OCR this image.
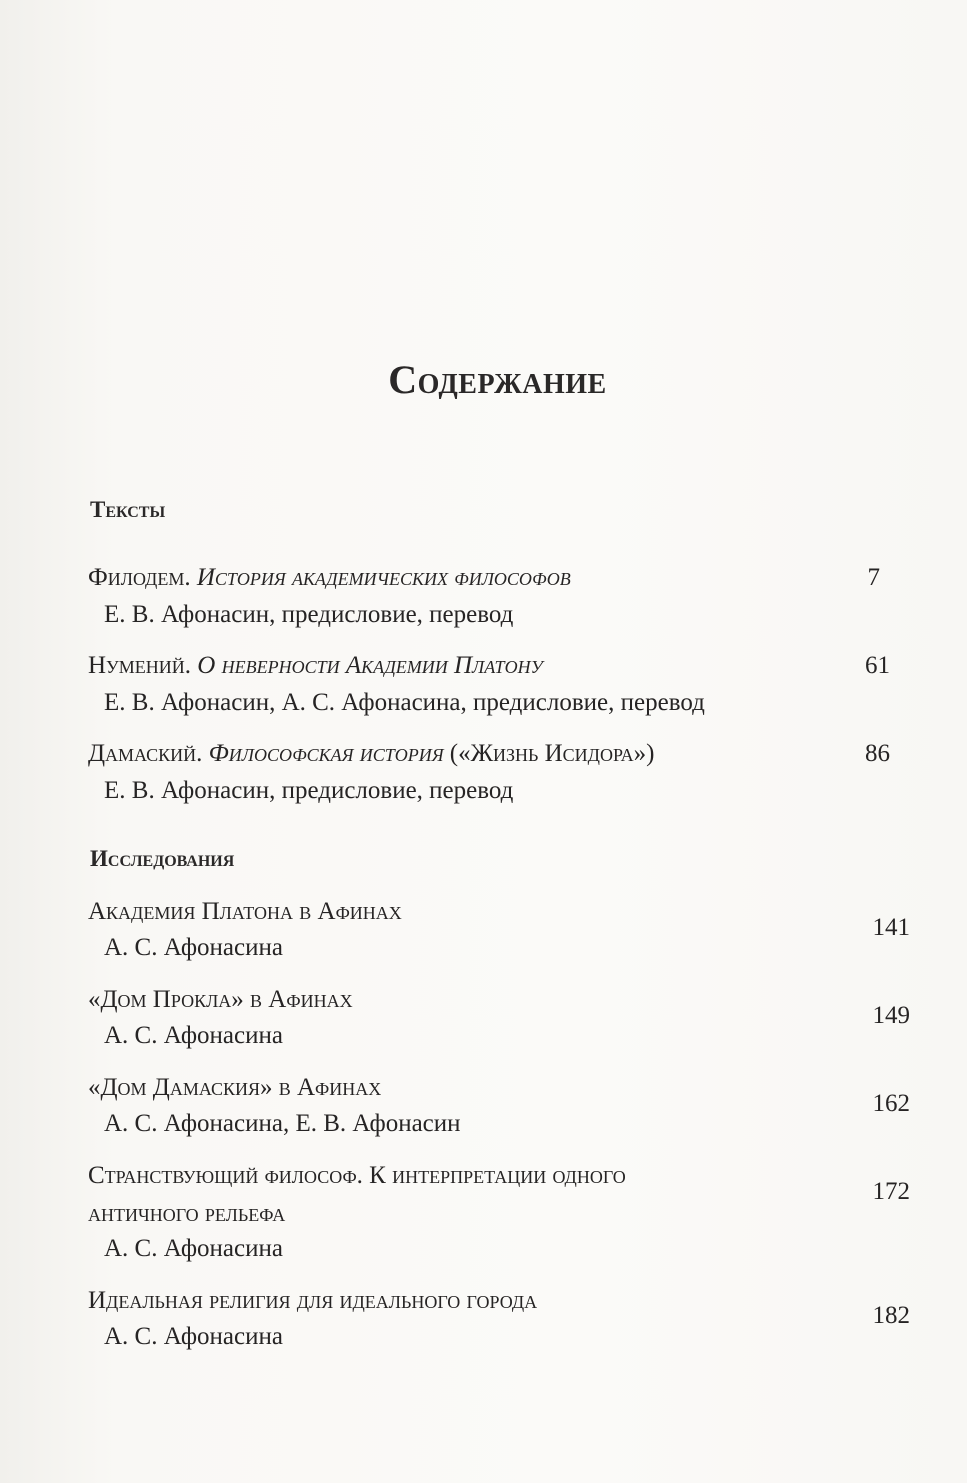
Содержание
Тексты
Филодем. История академических философов
Е. В. Афонасин, предисловие, перевод
7
Нумений. О неверности Академии Платону
Е. В. Афонасин, А. С. Афонасина, предисловие, перевод
61
Дамаский. Философская история («Жизнь Исидора»)
Е. В. Афонасин, предисловие, перевод
86
Исследования
Академия Платона в Афинах
А. С. Афонасина
141
«Дом Прокла» в Афинах
А. С. Афонасина
149
«Дом Дамаския» в Афинах
А. С. Афонасина, Е. В. Афонасин
162
Странствующий философ. К интерпретации одного
античного рельефа
А. С. Афонасина
172
Идеальная религия для идеального города
А. С. Афонасина
182
